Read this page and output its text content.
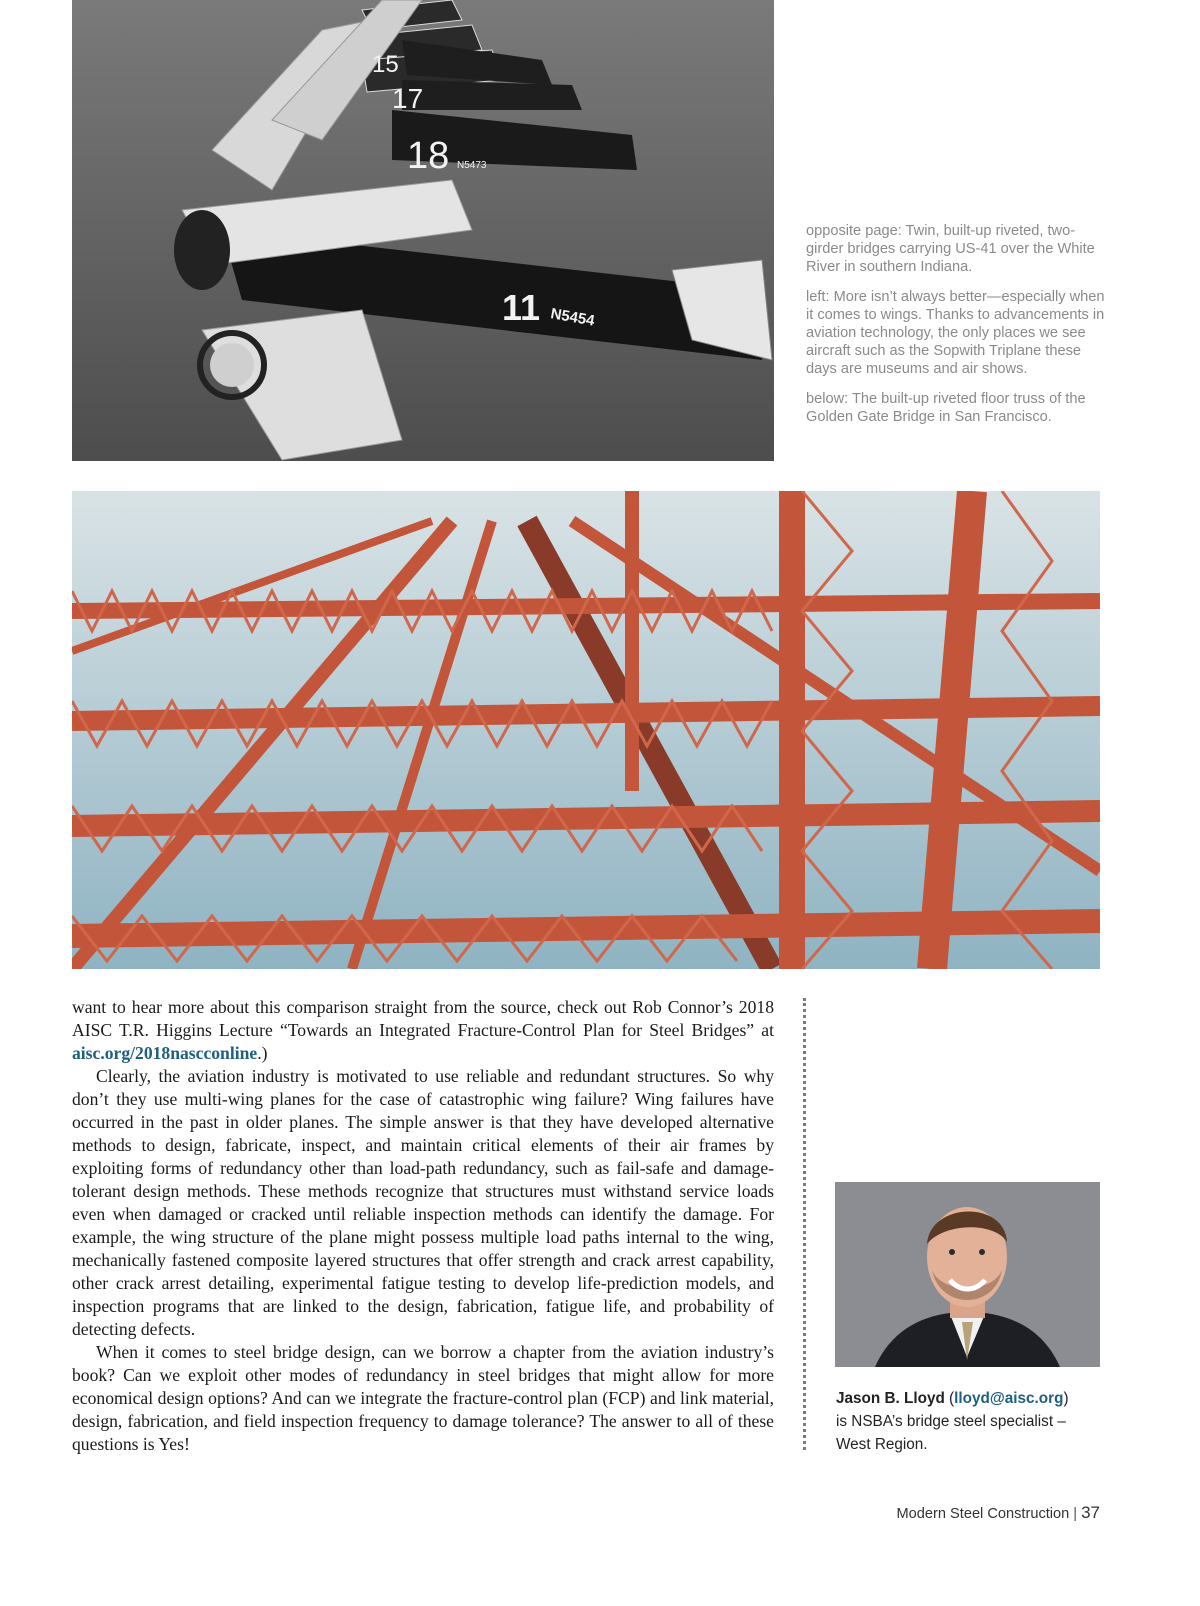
18
17
15
11 N5454
N5473

opposite page: Twin, built-up riveted, two-girder bridges carrying US-41 over the White River in southern Indiana.

left: More isn’t always better—especially when it comes to wings. Thanks to advancements in aviation technology, the only places we see aircraft such as the Sopwith Triplane these days are museums and air shows.

below: The built-up riveted floor truss of the Golden Gate Bridge in San Francisco.

want to hear more about this comparison straight from the source, check out Rob Connor’s 2018 AISC T.R. Higgins Lecture “Towards an Integrated Fracture-Control Plan for Steel Bridges” at aisc.org/2018nascconline.)

Clearly, the aviation industry is motivated to use reliable and redundant structures. So why don’t they use multi-wing planes for the case of catastrophic wing failure? Wing failures have occurred in the past in older planes. The simple answer is that they have developed alternative methods to design, fabricate, inspect, and maintain critical elements of their air frames by exploiting forms of redundancy other than load-path redundancy, such as fail-safe and damage-tolerant design methods. These methods recognize that structures must withstand service loads even when damaged or cracked until reliable inspection methods can identify the damage. For example, the wing structure of the plane might possess multiple load paths internal to the wing, mechanically fastened composite layered structures that offer strength and crack arrest capability, other crack arrest detailing, experimental fatigue testing to develop life-prediction models, and inspection programs that are linked to the design, fabrication, fatigue life, and probability of detecting defects.

When it comes to steel bridge design, can we borrow a chapter from the aviation industry’s book? Can we exploit other modes of redundancy in steel bridges that might allow for more economical design options? And can we integrate the fracture-control plan (FCP) and link material, design, fabrication, and field inspection frequency to damage tolerance? The answer to all of these questions is Yes!

Jason B. Lloyd (lloyd@aisc.org)
is NSBA’s bridge steel specialist – West Region.
Modern Steel Construction | 37
